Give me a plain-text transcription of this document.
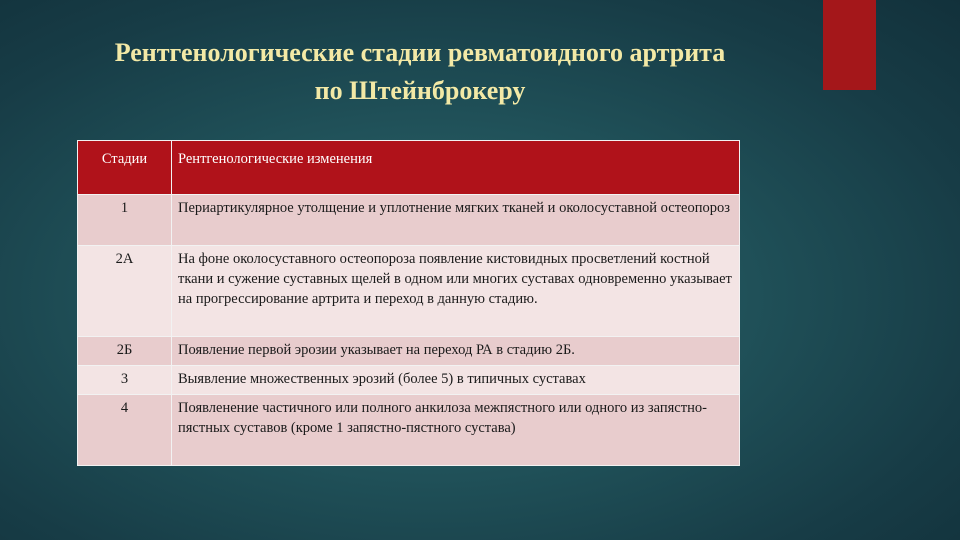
Рентгенологические стадии ревматоидного артрита
по Штейнброкеру
Стадии	Рентгенологические изменения
1	Периартикулярное утолщение и уплотнение мягких тканей и околосуставной остеопороз
2А	На фоне околосуставного остеопороза появление кистовидных просветлений костной ткани и сужение суставных щелей в одном или многих суставах одновременно указывает на прогрессирование артрита и переход в данную стадию.
2Б	Появление первой эрозии указывает на переход РА в стадию 2Б.
3	Выявление множественных эрозий (более 5) в типичных суставах
4	Появленение частичного или полного анкилоза межпястного или одного из запястно-пястных суставов (кроме 1 запястно-пястного сустава)
